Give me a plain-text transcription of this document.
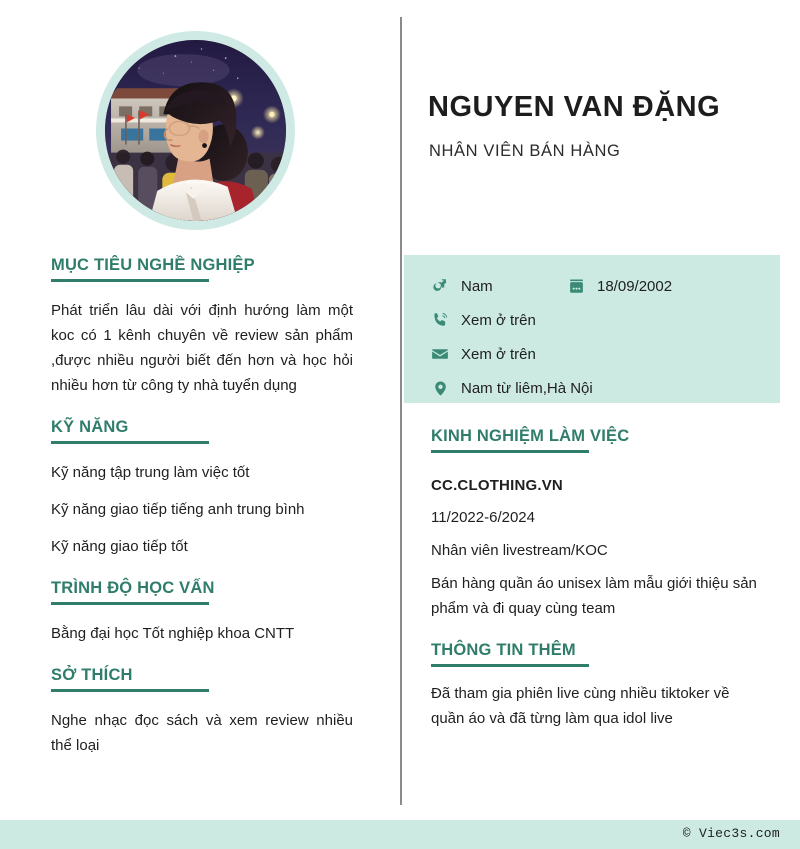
MỤC TIÊU NGHỀ NGHIỆP

Phát triển lâu dài với định hướng làm một koc có 1 kênh chuyên về review sản phẩm ,được nhiều người biết đến hơn và học hỏi nhiều hơn từ công ty nhà tuyển dụng

KỸ NĂNG
Kỹ năng tập trung làm việc tốt
Kỹ năng giao tiếp tiếng anh trung bình
Kỹ năng giao tiếp tốt
TRÌNH ĐỘ HỌC VẤN
Bằng đại học Tốt nghiệp khoa CNTT
SỞ THÍCH

Nghe nhạc đọc sách và xem review nhiều thể loại

NGUYEN VAN ĐẶNG
NHÂN VIÊN BÁN HÀNG
Nam	18/09/2002
Xem ở trên
Xem ở trên
Nam từ liêm,Hà Nội
KINH NGHIỆM LÀM VIỆC
CC.CLOTHING.VN
11/2022-6/2024
Nhân viên livestream/KOC

Bán hàng quần áo unisex làm mẫu giới thiệu sản phẩm và đi quay cùng team

THÔNG TIN THÊM

Đã tham gia phiên live cùng nhiều tiktoker về quần áo và đã từng làm qua idol live

© Viec3s.com
